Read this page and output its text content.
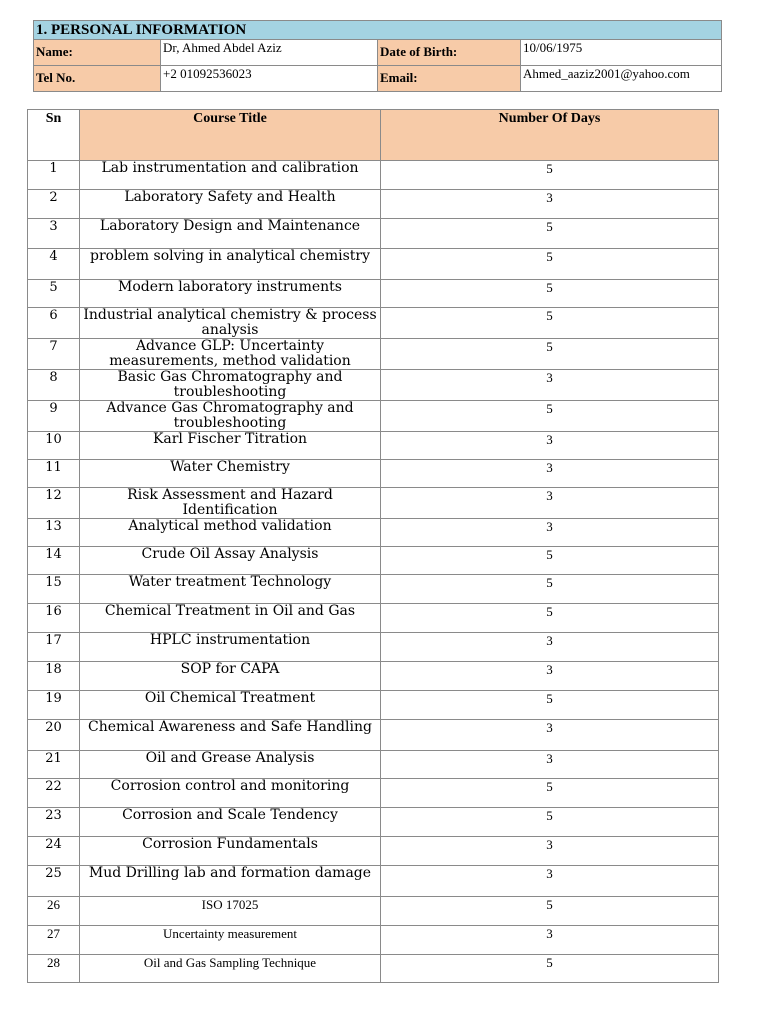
1. PERSONAL INFORMATION			
Name:	Dr, Ahmed Abdel Aziz	Date of Birth:	10/06/1975
Tel No.	+2 01092536023	Email:	Ahmed_aaziz2001@yahoo.com
Sn	Course Title	Number Of Days
1	Lab instrumentation and calibration	5
2	Laboratory Safety and Health	3
3	Laboratory Design and Maintenance	5
4	problem solving in analytical chemistry	5
5	Modern laboratory instruments	5
6	Industrial analytical chemistry & process analysis	5
7	Advance GLP: Uncertainty measurements, method validation	5
8	Basic Gas Chromatography and troubleshooting	3
9	Advance Gas Chromatography and troubleshooting	5
10	Karl Fischer Titration	3
11	Water Chemistry	3
12	Risk Assessment and Hazard Identification	3
13	Analytical method validation	3
14	Crude Oil Assay Analysis	5
15	Water treatment Technology	5
16	Chemical Treatment in Oil and Gas	5
17	HPLC instrumentation	3
18	SOP for CAPA	3
19	Oil Chemical Treatment	5
20	Chemical Awareness and Safe Handling	3
21	Oil and Grease Analysis	3
22	Corrosion control and monitoring	5
23	Corrosion and Scale Tendency	5
24	Corrosion Fundamentals	3
25	Mud Drilling lab and formation damage	3
26	ISO 17025	5
27	Uncertainty measurement	3
28	Oil and Gas Sampling Technique	5
